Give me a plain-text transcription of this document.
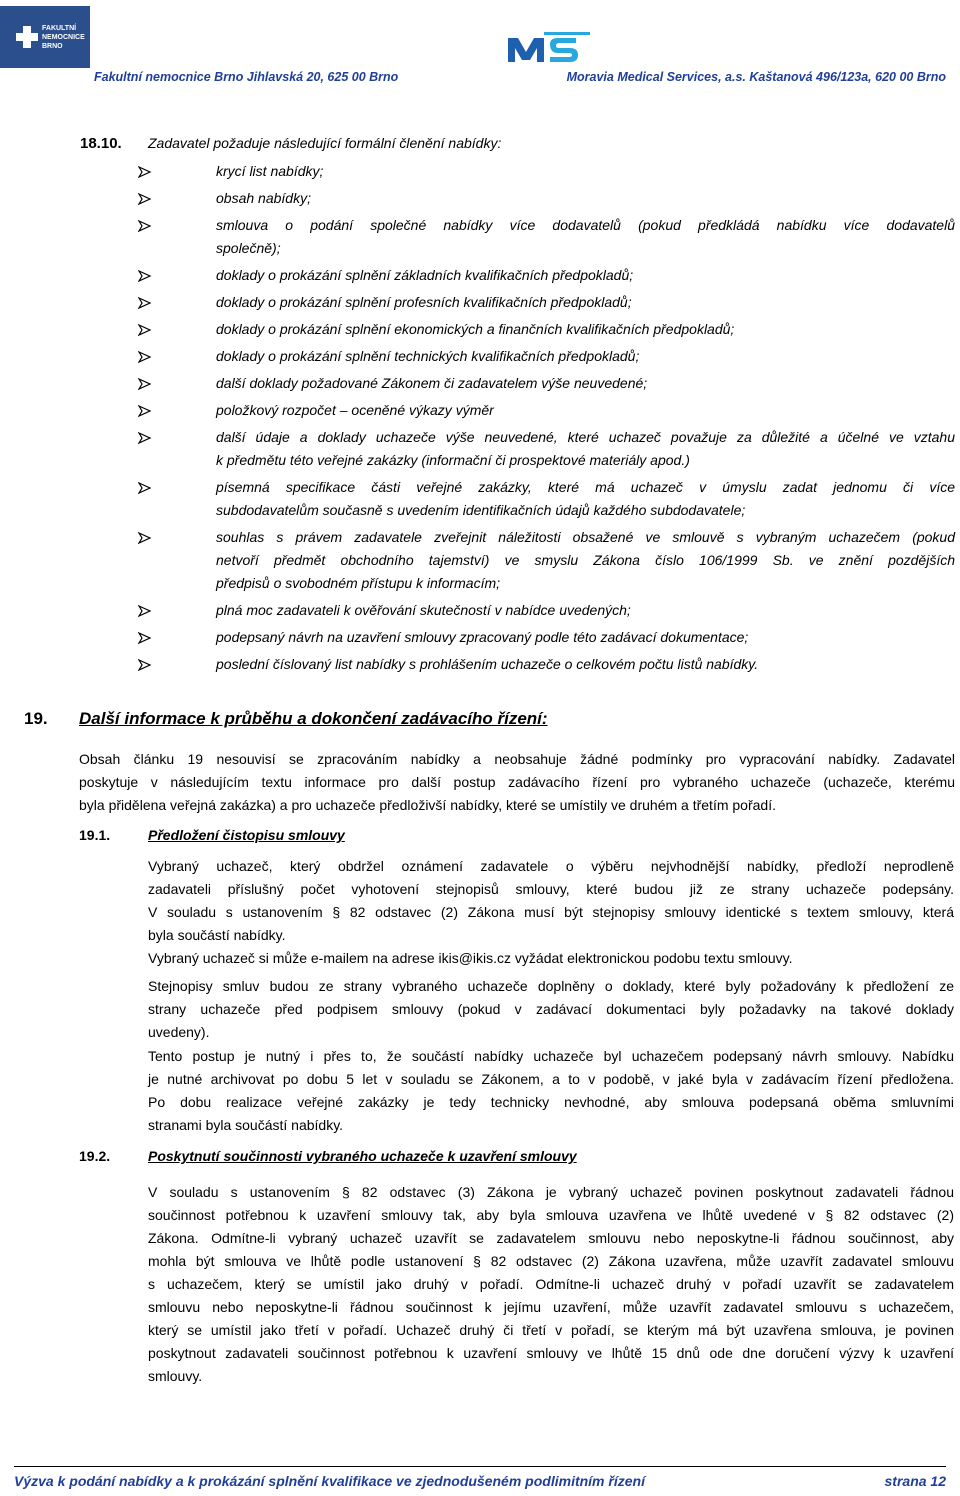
FAKULTNÍ NEMOCNICE BRNO
Fakultní nemocnice Brno Jihlavská 20, 625 00 Brno	Moravia Medical Services, a.s. Kaštanová 496/123a, 620 00 Brno
18.10. Zadavatel požaduje následující formální členění nabídky:
krycí list nabídky;
obsah nabídky;
smlouva o podání společné nabídky více dodavatelů (pokud předkládá nabídku více dodavatelů
společně);
doklady o prokázání splnění základních kvalifikačních předpokladů;
doklady o prokázání splnění profesních kvalifikačních předpokladů;
doklady o prokázání splnění ekonomických a finančních kvalifikačních předpokladů;
doklady o prokázání splnění technických kvalifikačních předpokladů;
další doklady požadované Zákonem či zadavatelem výše neuvedené;
položkový rozpočet – oceněné výkazy výměr
další údaje a doklady uchazeče výše neuvedené, které uchazeč považuje za důležité a účelné ve vztahu
k předmětu této veřejné zakázky (informační či prospektové materiály apod.)
písemná specifikace části veřejné zakázky, které má uchazeč v úmyslu zadat jednomu či více
subdodavatelům současně s uvedením identifikačních údajů každého subdodavatele;
souhlas s právem zadavatele zveřejnit náležitosti obsažené ve smlouvě s vybraným uchazečem (pokud
netvoří předmět obchodního tajemství) ve smyslu Zákona číslo 106/1999 Sb. ve znění pozdějších
předpisů o svobodném přístupu k informacím;
plná moc zadavateli k ověřování skutečností v nabídce uvedených;
podepsaný návrh na uzavření smlouvy zpracovaný podle této zadávací dokumentace;
poslední číslovaný list nabídky s prohlášením uchazeče o celkovém počtu listů nabídky.
19. Další informace k průběhu a dokončení zadávacího řízení:
Obsah článku 19 nesouvisí se zpracováním nabídky a neobsahuje žádné podmínky pro vypracování nabídky. Zadavatel
poskytuje v následujícím textu informace pro další postup zadávacího řízení pro vybraného uchazeče (uchazeče, kterému
byla přidělena veřejná zakázka) a pro uchazeče předloživší nabídky, které se umístily ve druhém a třetím pořadí.
19.1.	Předložení čistopisu smlouvy
Vybraný uchazeč, který obdržel oznámení zadavatele o výběru nejvhodnější nabídky, předloží neprodleně
zadavateli příslušný počet vyhotovení stejnopisů smlouvy, které budou již ze strany uchazeče podepsány.
V souladu s ustanovením § 82 odstavec (2) Zákona musí být stejnopisy smlouvy identické s textem smlouvy, která
byla součástí nabídky.
Vybraný uchazeč si může e-mailem na adrese ikis@ikis.cz vyžádat elektronickou podobu textu smlouvy.
Stejnopisy smluv budou ze strany vybraného uchazeče doplněny o doklady, které byly požadovány k předložení ze
strany uchazeče před podpisem smlouvy (pokud v zadávací dokumentaci byly požadavky na takové doklady
uvedeny).
Tento postup je nutný i přes to, že součástí nabídky uchazeče byl uchazečem podepsaný návrh smlouvy. Nabídku
je nutné archivovat po dobu 5 let v souladu se Zákonem, a to v podobě, v jaké byla v zadávacím řízení předložena.
Po dobu realizace veřejné zakázky je tedy technicky nevhodné, aby smlouva podepsaná oběma smluvními
stranami byla součástí nabídky.
19.2.	Poskytnutí součinnosti vybraného uchazeče k uzavření smlouvy
V souladu s ustanovením § 82 odstavec (3) Zákona je vybraný uchazeč povinen poskytnout zadavateli řádnou
součinnost potřebnou k uzavření smlouvy tak, aby byla smlouva uzavřena ve lhůtě uvedené v § 82 odstavec (2)
Zákona. Odmítne-li vybraný uchazeč uzavřít se zadavatelem smlouvu nebo neposkytne-li řádnou součinnost, aby
mohla být smlouva ve lhůtě podle ustanovení § 82 odstavec (2) Zákona uzavřena, může uzavřít zadavatel smlouvu
s uchazečem, který se umístil jako druhý v pořadí. Odmítne-li uchazeč druhý v pořadí uzavřít se zadavatelem
smlouvu nebo neposkytne-li řádnou součinnost k jejímu uzavření, může uzavřít zadavatel smlouvu s uchazečem,
který se umístil jako třetí v pořadí. Uchazeč druhý či třetí v pořadí, se kterým má být uzavřena smlouva, je povinen
poskytnout zadavateli součinnost potřebnou k uzavření smlouvy ve lhůtě 15 dnů ode dne doručení výzvy k uzavření
smlouvy.
Výzva k podání nabídky a k prokázání splnění kvalifikace ve zjednodušeném podlimitním řízení	strana 12
